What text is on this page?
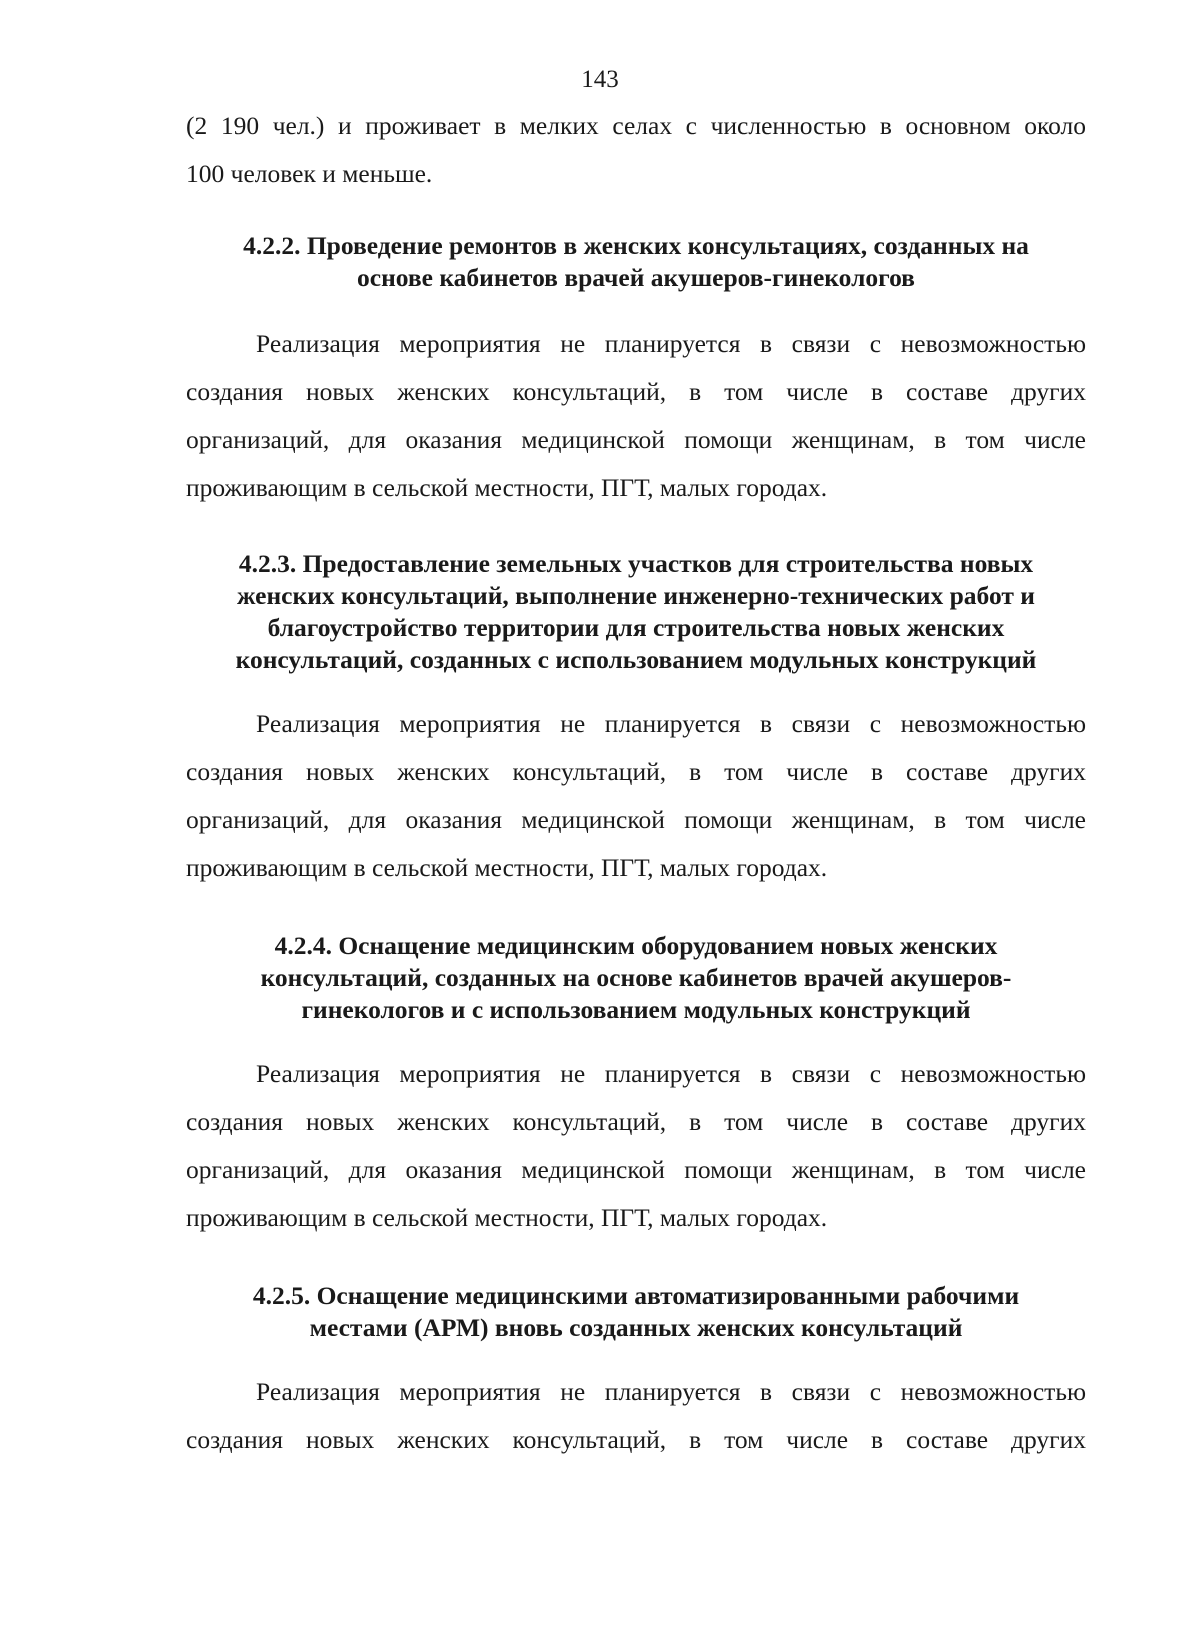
143

(2 190 чел.) и проживает в мелких селах с численностью в основном около
100 человек и меньше.

4.2.2. Проведение ремонтов в женских консультациях, созданных на
основе кабинетов врачей акушеров-гинекологов

Реализация мероприятия не планируется в связи с невозможностью
создания новых женских консультаций, в том числе в составе других
организаций, для оказания медицинской помощи женщинам, в том числе
проживающим в сельской местности, ПГТ, малых городах.

4.2.3. Предоставление земельных участков для строительства новых
женских консультаций, выполнение инженерно-технических работ и
благоустройство территории для строительства новых женских
консультаций, созданных с использованием модульных конструкций

Реализация мероприятия не планируется в связи с невозможностью
создания новых женских консультаций, в том числе в составе других
организаций, для оказания медицинской помощи женщинам, в том числе
проживающим в сельской местности, ПГТ, малых городах.

4.2.4. Оснащение медицинским оборудованием новых женских
консультаций, созданных на основе кабинетов врачей акушеров-
гинекологов и с использованием модульных конструкций

Реализация мероприятия не планируется в связи с невозможностью
создания новых женских консультаций, в том числе в составе других
организаций, для оказания медицинской помощи женщинам, в том числе
проживающим в сельской местности, ПГТ, малых городах.

4.2.5. Оснащение медицинскими автоматизированными рабочими
местами (АРМ) вновь созданных женских консультаций

Реализация мероприятия не планируется в связи с невозможностью
создания новых женских консультаций, в том числе в составе других
